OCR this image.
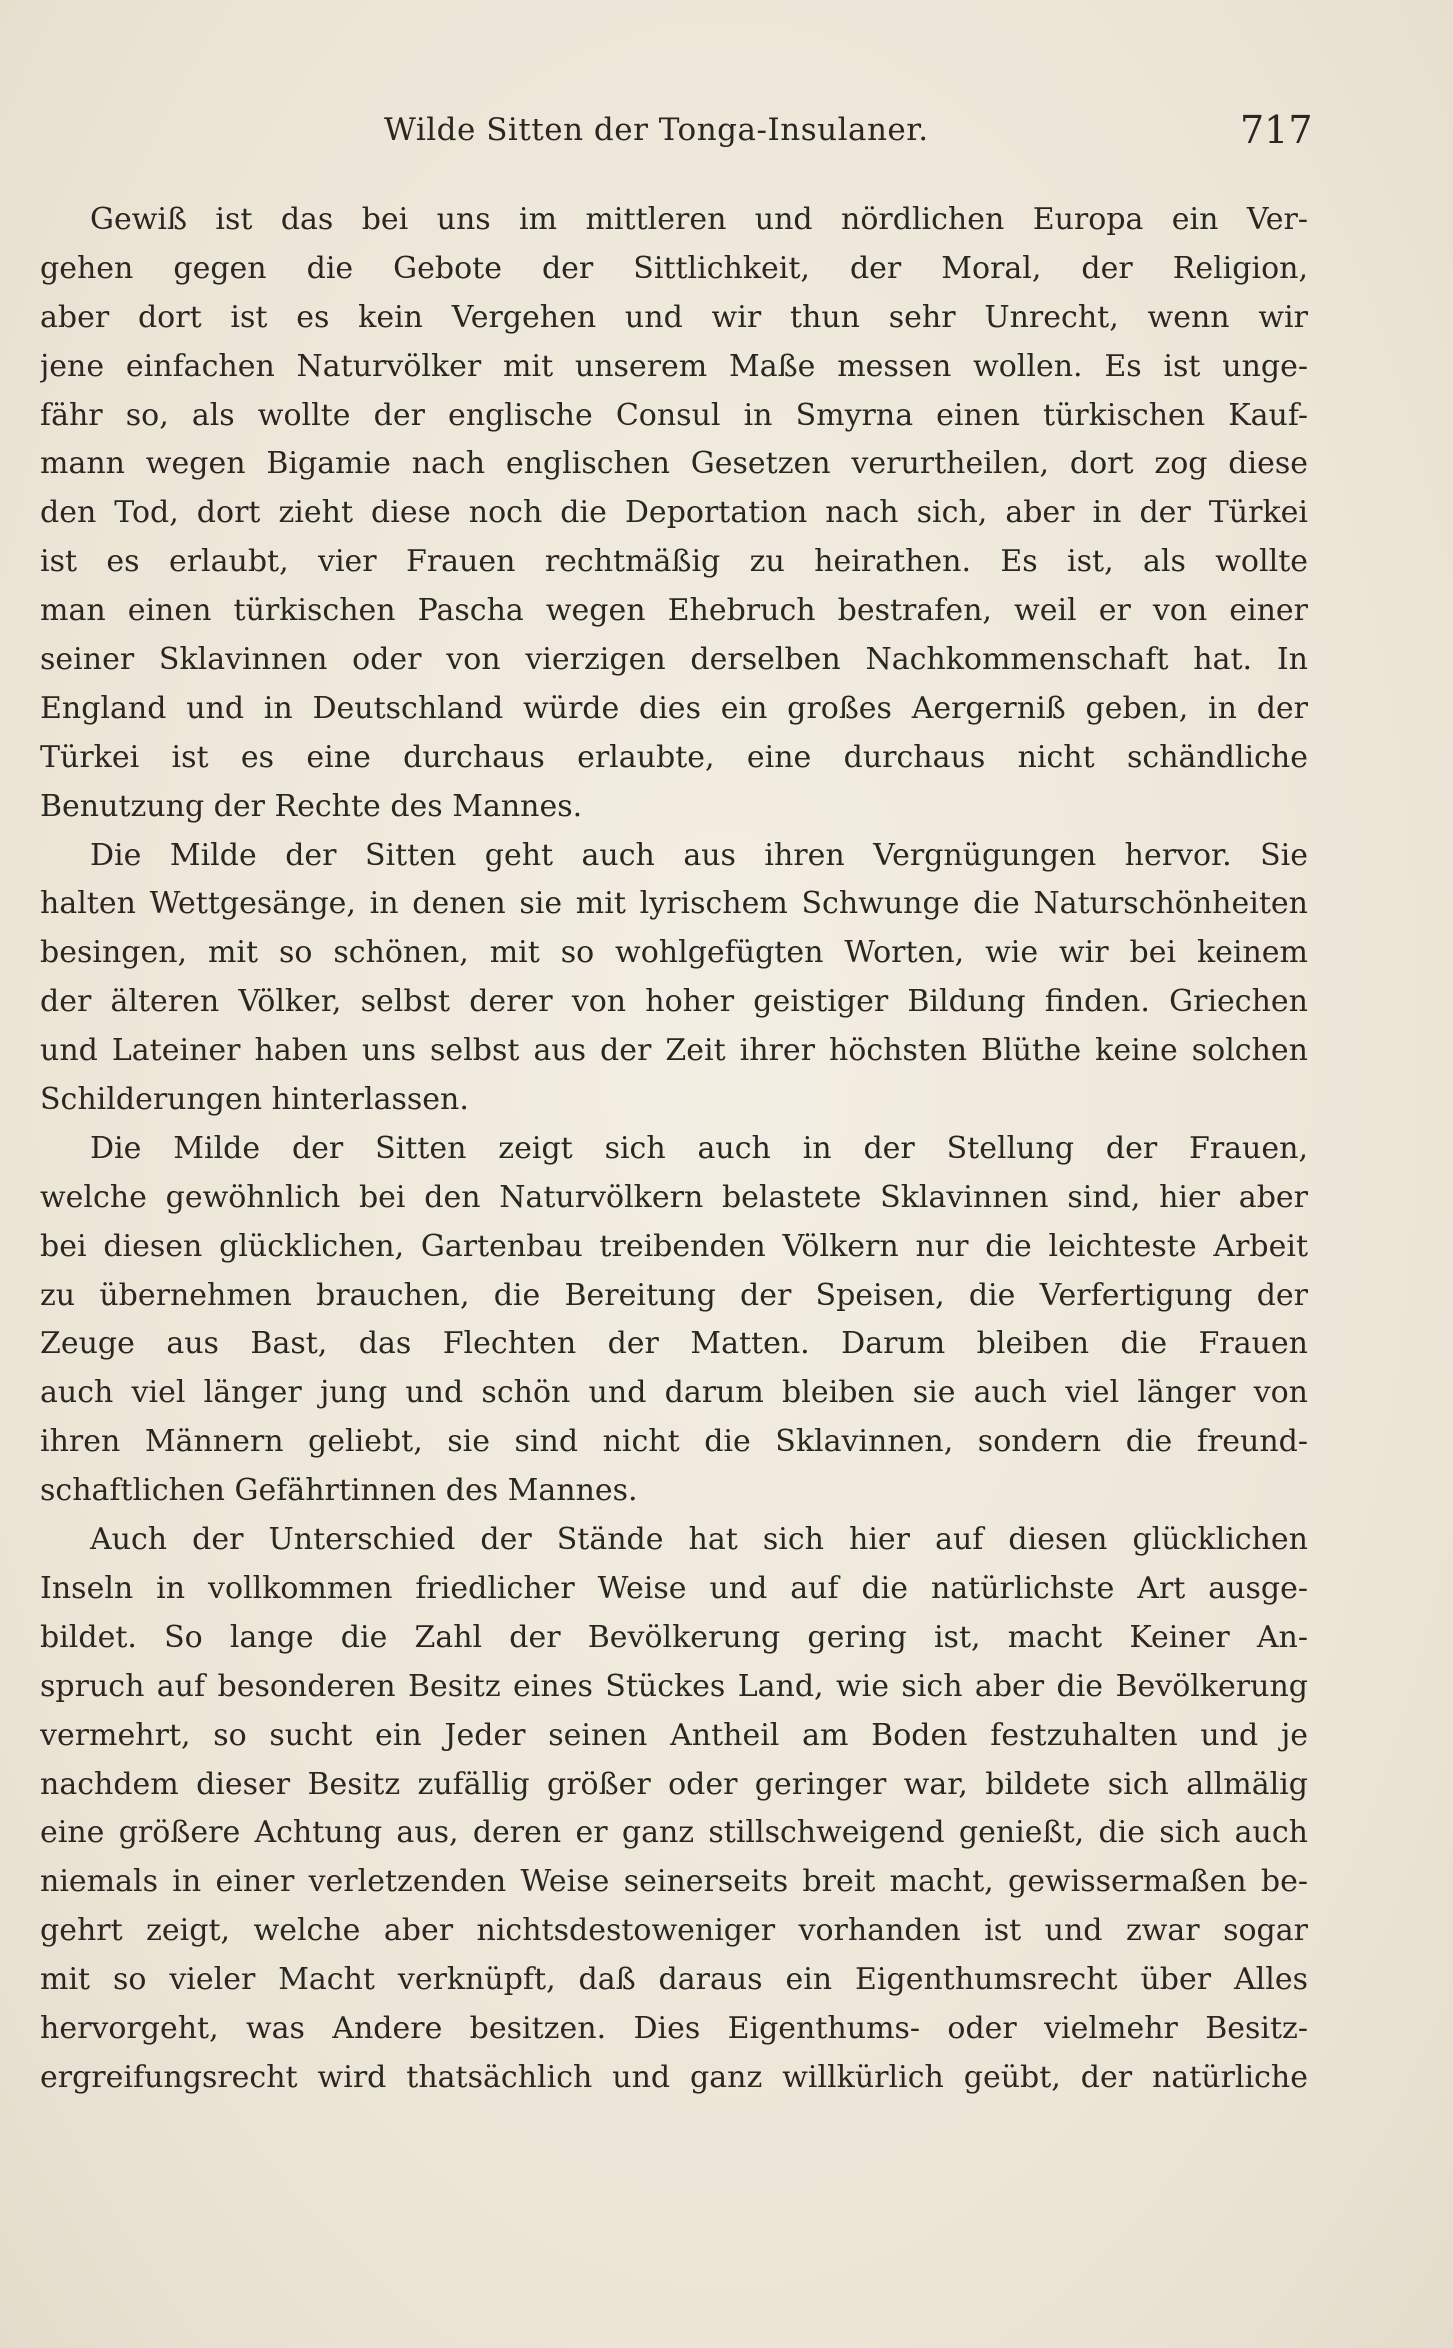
Wilde Sitten der Tonga-Insulaner.	717
Gewiß ist das bei uns im mittleren und nördlichen Europa ein Ver-
gehen gegen die Gebote der Sittlichkeit, der Moral, der Religion,
aber dort ist es kein Vergehen und wir thun sehr Unrecht, wenn wir
jene einfachen Naturvölker mit unserem Maße messen wollen. Es ist unge-
fähr so, als wollte der englische Consul in Smyrna einen türkischen Kauf-
mann wegen Bigamie nach englischen Gesetzen verurtheilen, dort zog diese
den Tod, dort zieht diese noch die Deportation nach sich, aber in der Türkei
ist es erlaubt, vier Frauen rechtmäßig zu heirathen. Es ist, als wollte
man einen türkischen Pascha wegen Ehebruch bestrafen, weil er von einer
seiner Sklavinnen oder von vierzigen derselben Nachkommenschaft hat. In
England und in Deutschland würde dies ein großes Aergerniß geben, in der
Türkei ist es eine durchaus erlaubte, eine durchaus nicht schändliche
Benutzung der Rechte des Mannes.
Die Milde der Sitten geht auch aus ihren Vergnügungen hervor. Sie
halten Wettgesänge, in denen sie mit lyrischem Schwunge die Naturschönheiten
besingen, mit so schönen, mit so wohlgefügten Worten, wie wir bei keinem
der älteren Völker, selbst derer von hoher geistiger Bildung finden. Griechen
und Lateiner haben uns selbst aus der Zeit ihrer höchsten Blüthe keine solchen
Schilderungen hinterlassen.
Die Milde der Sitten zeigt sich auch in der Stellung der Frauen,
welche gewöhnlich bei den Naturvölkern belastete Sklavinnen sind, hier aber
bei diesen glücklichen, Gartenbau treibenden Völkern nur die leichteste Arbeit
zu übernehmen brauchen, die Bereitung der Speisen, die Verfertigung der
Zeuge aus Bast, das Flechten der Matten. Darum bleiben die Frauen
auch viel länger jung und schön und darum bleiben sie auch viel länger von
ihren Männern geliebt, sie sind nicht die Sklavinnen, sondern die freund-
schaftlichen Gefährtinnen des Mannes.
Auch der Unterschied der Stände hat sich hier auf diesen glücklichen
Inseln in vollkommen friedlicher Weise und auf die natürlichste Art ausge-
bildet. So lange die Zahl der Bevölkerung gering ist, macht Keiner An-
spruch auf besonderen Besitz eines Stückes Land, wie sich aber die Bevölkerung
vermehrt, so sucht ein Jeder seinen Antheil am Boden festzuhalten und je
nachdem dieser Besitz zufällig größer oder geringer war, bildete sich allmälig
eine größere Achtung aus, deren er ganz stillschweigend genießt, die sich auch
niemals in einer verletzenden Weise seinerseits breit macht, gewissermaßen be-
gehrt zeigt, welche aber nichtsdestoweniger vorhanden ist und zwar sogar
mit so vieler Macht verknüpft, daß daraus ein Eigenthumsrecht über Alles
hervorgeht, was Andere besitzen. Dies Eigenthums- oder vielmehr Besitz-
ergreifungsrecht wird thatsächlich und ganz willkürlich geübt, der natürliche
